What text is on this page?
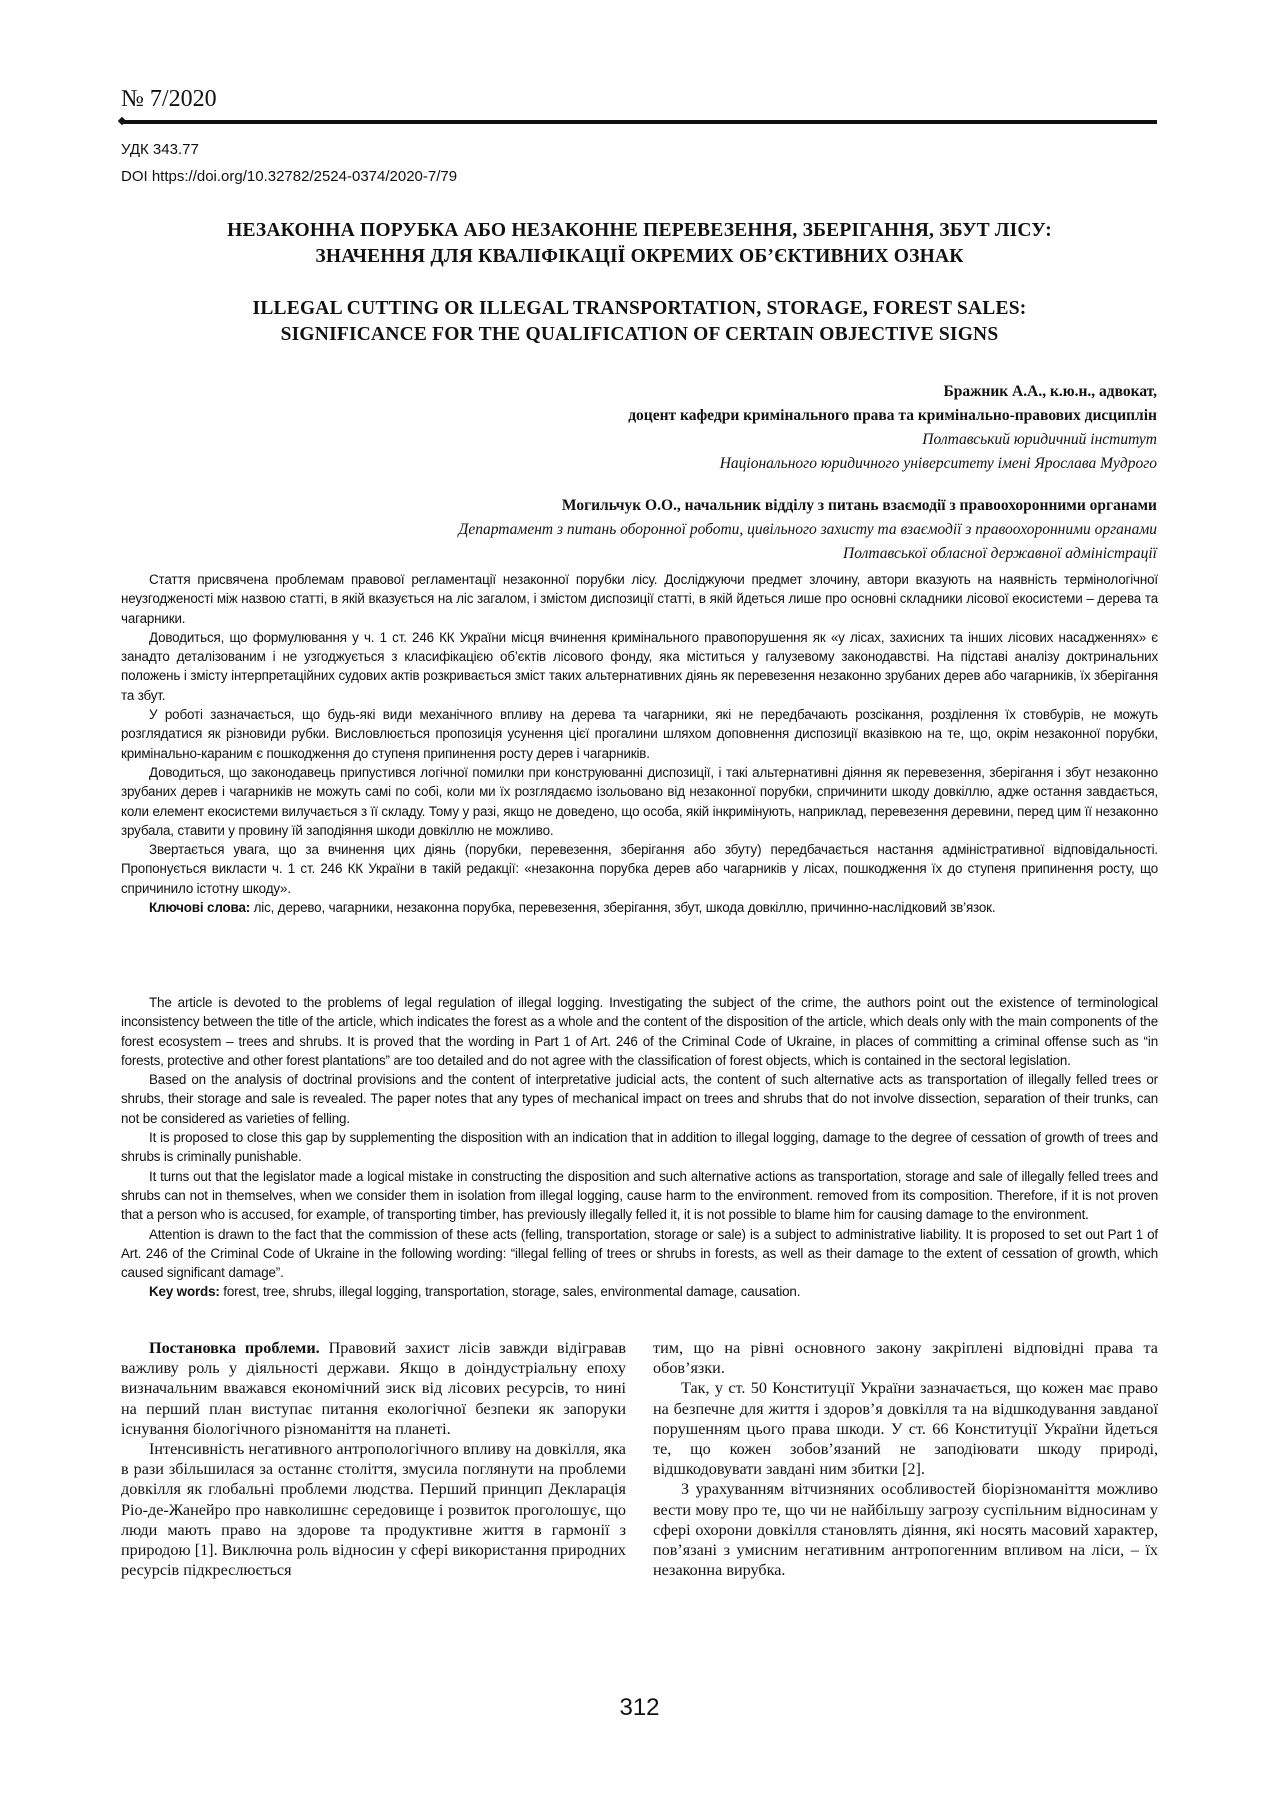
№ 7/2020
УДК 343.77
DOI https://doi.org/10.32782/2524-0374/2020-7/79
НЕЗАКОННА ПОРУБКА АБО НЕЗАКОННЕ ПЕРЕВЕЗЕННЯ, ЗБЕРІГАННЯ, ЗБУТ ЛІСУ:
ЗНАЧЕННЯ ДЛЯ КВАЛІФІКАЦІЇ ОКРЕМИХ ОБ’ЄКТИВНИХ ОЗНАК
ILLEGAL CUTTING OR ILLEGAL TRANSPORTATION, STORAGE, FOREST SALES:
SIGNIFICANCE FOR THE QUALIFICATION OF CERTAIN OBJECTIVE SIGNS
Бражник А.А., к.ю.н., адвокат,
доцент кафедри кримінального права та кримінально-правових дисциплін
Полтавський юридичний інститут
Національного юридичного університету імені Ярослава Мудрого
Могильчук О.О., начальник відділу з питань взаємодії з правоохоронними органами
Департамент з питань оборонної роботи, цивільного захисту та взаємодії з правоохоронними органами
Полтавської обласної державної адміністрації

Стаття присвячена проблемам правової регламентації незаконної порубки лісу. Досліджуючи предмет злочину, автори вказують на наявність термінологічної неузгодженості між назвою статті, в якій вказується на ліс загалом, і змістом диспозиції статті, в якій йдеться лише про основні складники лісової екосистеми – дерева та чагарники.

Доводиться, що формулювання у ч. 1 ст. 246 КК України місця вчинення кримінального правопорушення як «у лісах, захисних та інших лісових насадженнях» є занадто деталізованим і не узгоджується з класифікацією об’єктів лісового фонду, яка міститься у галузевому законодавстві. На підставі аналізу доктринальних положень і змісту інтерпретаційних судових актів розкривається зміст таких альтернативних діянь як перевезення незаконно зрубаних дерев або чагарників, їх зберігання та збут.

У роботі зазначається, що будь-які види механічного впливу на дерева та чагарники, які не передбачають розсікання, розділення їх стовбурів, не можуть розглядатися як різновиди рубки. Висловлюється пропозиція усунення цієї прогалини шляхом доповнення диспозиції вказівкою на те, що, окрім незаконної порубки, кримінально-караним є пошкодження до ступеня припинення росту дерев і чагарників.

Доводиться, що законодавець припустився логічної помилки при конструюванні диспозиції, і такі альтернативні діяння як перевезення, зберігання і збут незаконно зрубаних дерев і чагарників не можуть самі по собі, коли ми їх розглядаємо ізольовано від незаконної порубки, спричинити шкоду довкіллю, адже остання завдається, коли елемент екосистеми вилучається з її складу. Тому у разі, якщо не доведено, що особа, якій інкримінують, наприклад, перевезення деревини, перед цим її незаконно зрубала, ставити у провину їй заподіяння шкоди довкіллю не можливо.

Звертається увага, що за вчинення цих діянь (порубки, перевезення, зберігання або збуту) передбачається настання адміністративної відповідальності. Пропонується викласти ч. 1 ст. 246 КК України в такій редакції: «незаконна порубка дерев або чагарників у лісах, пошкодження їх до ступеня припинення росту, що спричинило істотну шкоду».

Ключові слова: ліс, дерево, чагарники, незаконна порубка, перевезення, зберігання, збут, шкода довкіллю, причинно-наслідковий зв’язок.

The article is devoted to the problems of legal regulation of illegal logging. Investigating the subject of the crime, the authors point out the existence of terminological inconsistency between the title of the article, which indicates the forest as a whole and the content of the disposition of the article, which deals only with the main components of the forest ecosystem – trees and shrubs. It is proved that the wording in Part 1 of Art. 246 of the Criminal Code of Ukraine, in places of committing a criminal offense such as “in forests, protective and other forest plantations” are too detailed and do not agree with the classification of forest objects, which is contained in the sectoral legislation.

Based on the analysis of doctrinal provisions and the content of interpretative judicial acts, the content of such alternative acts as transportation of illegally felled trees or shrubs, their storage and sale is revealed. The paper notes that any types of mechanical impact on trees and shrubs that do not involve dissection, separation of their trunks, can not be considered as varieties of felling.

It is proposed to close this gap by supplementing the disposition with an indication that in addition to illegal logging, damage to the degree of cessation of growth of trees and shrubs is criminally punishable.

It turns out that the legislator made a logical mistake in constructing the disposition and such alternative actions as transportation, storage and sale of illegally felled trees and shrubs can not in themselves, when we consider them in isolation from illegal logging, cause harm to the environment. removed from its composition. Therefore, if it is not proven that a person who is accused, for example, of transporting timber, has previously illegally felled it, it is not possible to blame him for causing damage to the environment.

Attention is drawn to the fact that the commission of these acts (felling, transportation, storage or sale) is a subject to administrative liability. It is proposed to set out Part 1 of Art. 246 of the Criminal Code of Ukraine in the following wording: “illegal felling of trees or shrubs in forests, as well as their damage to the extent of cessation of growth, which caused significant damage”.

Key words: forest, tree, shrubs, illegal logging, transportation, storage, sales, environmental damage, causation.

Постановка проблеми. Правовий захист лісів завжди відігравав важливу роль у діяльності держави. Якщо в доіндустріальну епоху визначальним вважався економічний зиск від лісових ресурсів, то нині на перший план виступає питання екологічної безпеки як запоруки існування біологічного різноманіття на планеті.

Інтенсивність негативного антропологічного впливу на довкілля, яка в рази збільшилася за останнє століття, змусила поглянути на проблеми довкілля як глобальні проблеми людства. Перший принцип Декларація Ріо-де-Жанейро про навколишнє середовище і розвиток проголошує, що люди мають право на здорове та продуктивне життя в гармонії з природою [1]. Виключна роль відносин у сфері використання природних ресурсів підкреслюється

тим, що на рівні основного закону закріплені відповідні права та обов’язки.

Так, у ст. 50 Конституції України зазначається, що кожен має право на безпечне для життя і здоров’я довкілля та на відшкодування завданої порушенням цього права шкоди. У ст. 66 Конституції України йдеться те, що кожен зобов’язаний не заподіювати шкоду природі, відшкодовувати завдані ним збитки [2].

З урахуванням вітчизняних особливостей біорізноманіття можливо вести мову про те, що чи не найбільшу загрозу суспільним відносинам у сфері охорони довкілля становлять діяння, які носять масовий характер, пов’язані з умисним негативним антропогенним впливом на ліси, – їх незаконна вирубка.

312
